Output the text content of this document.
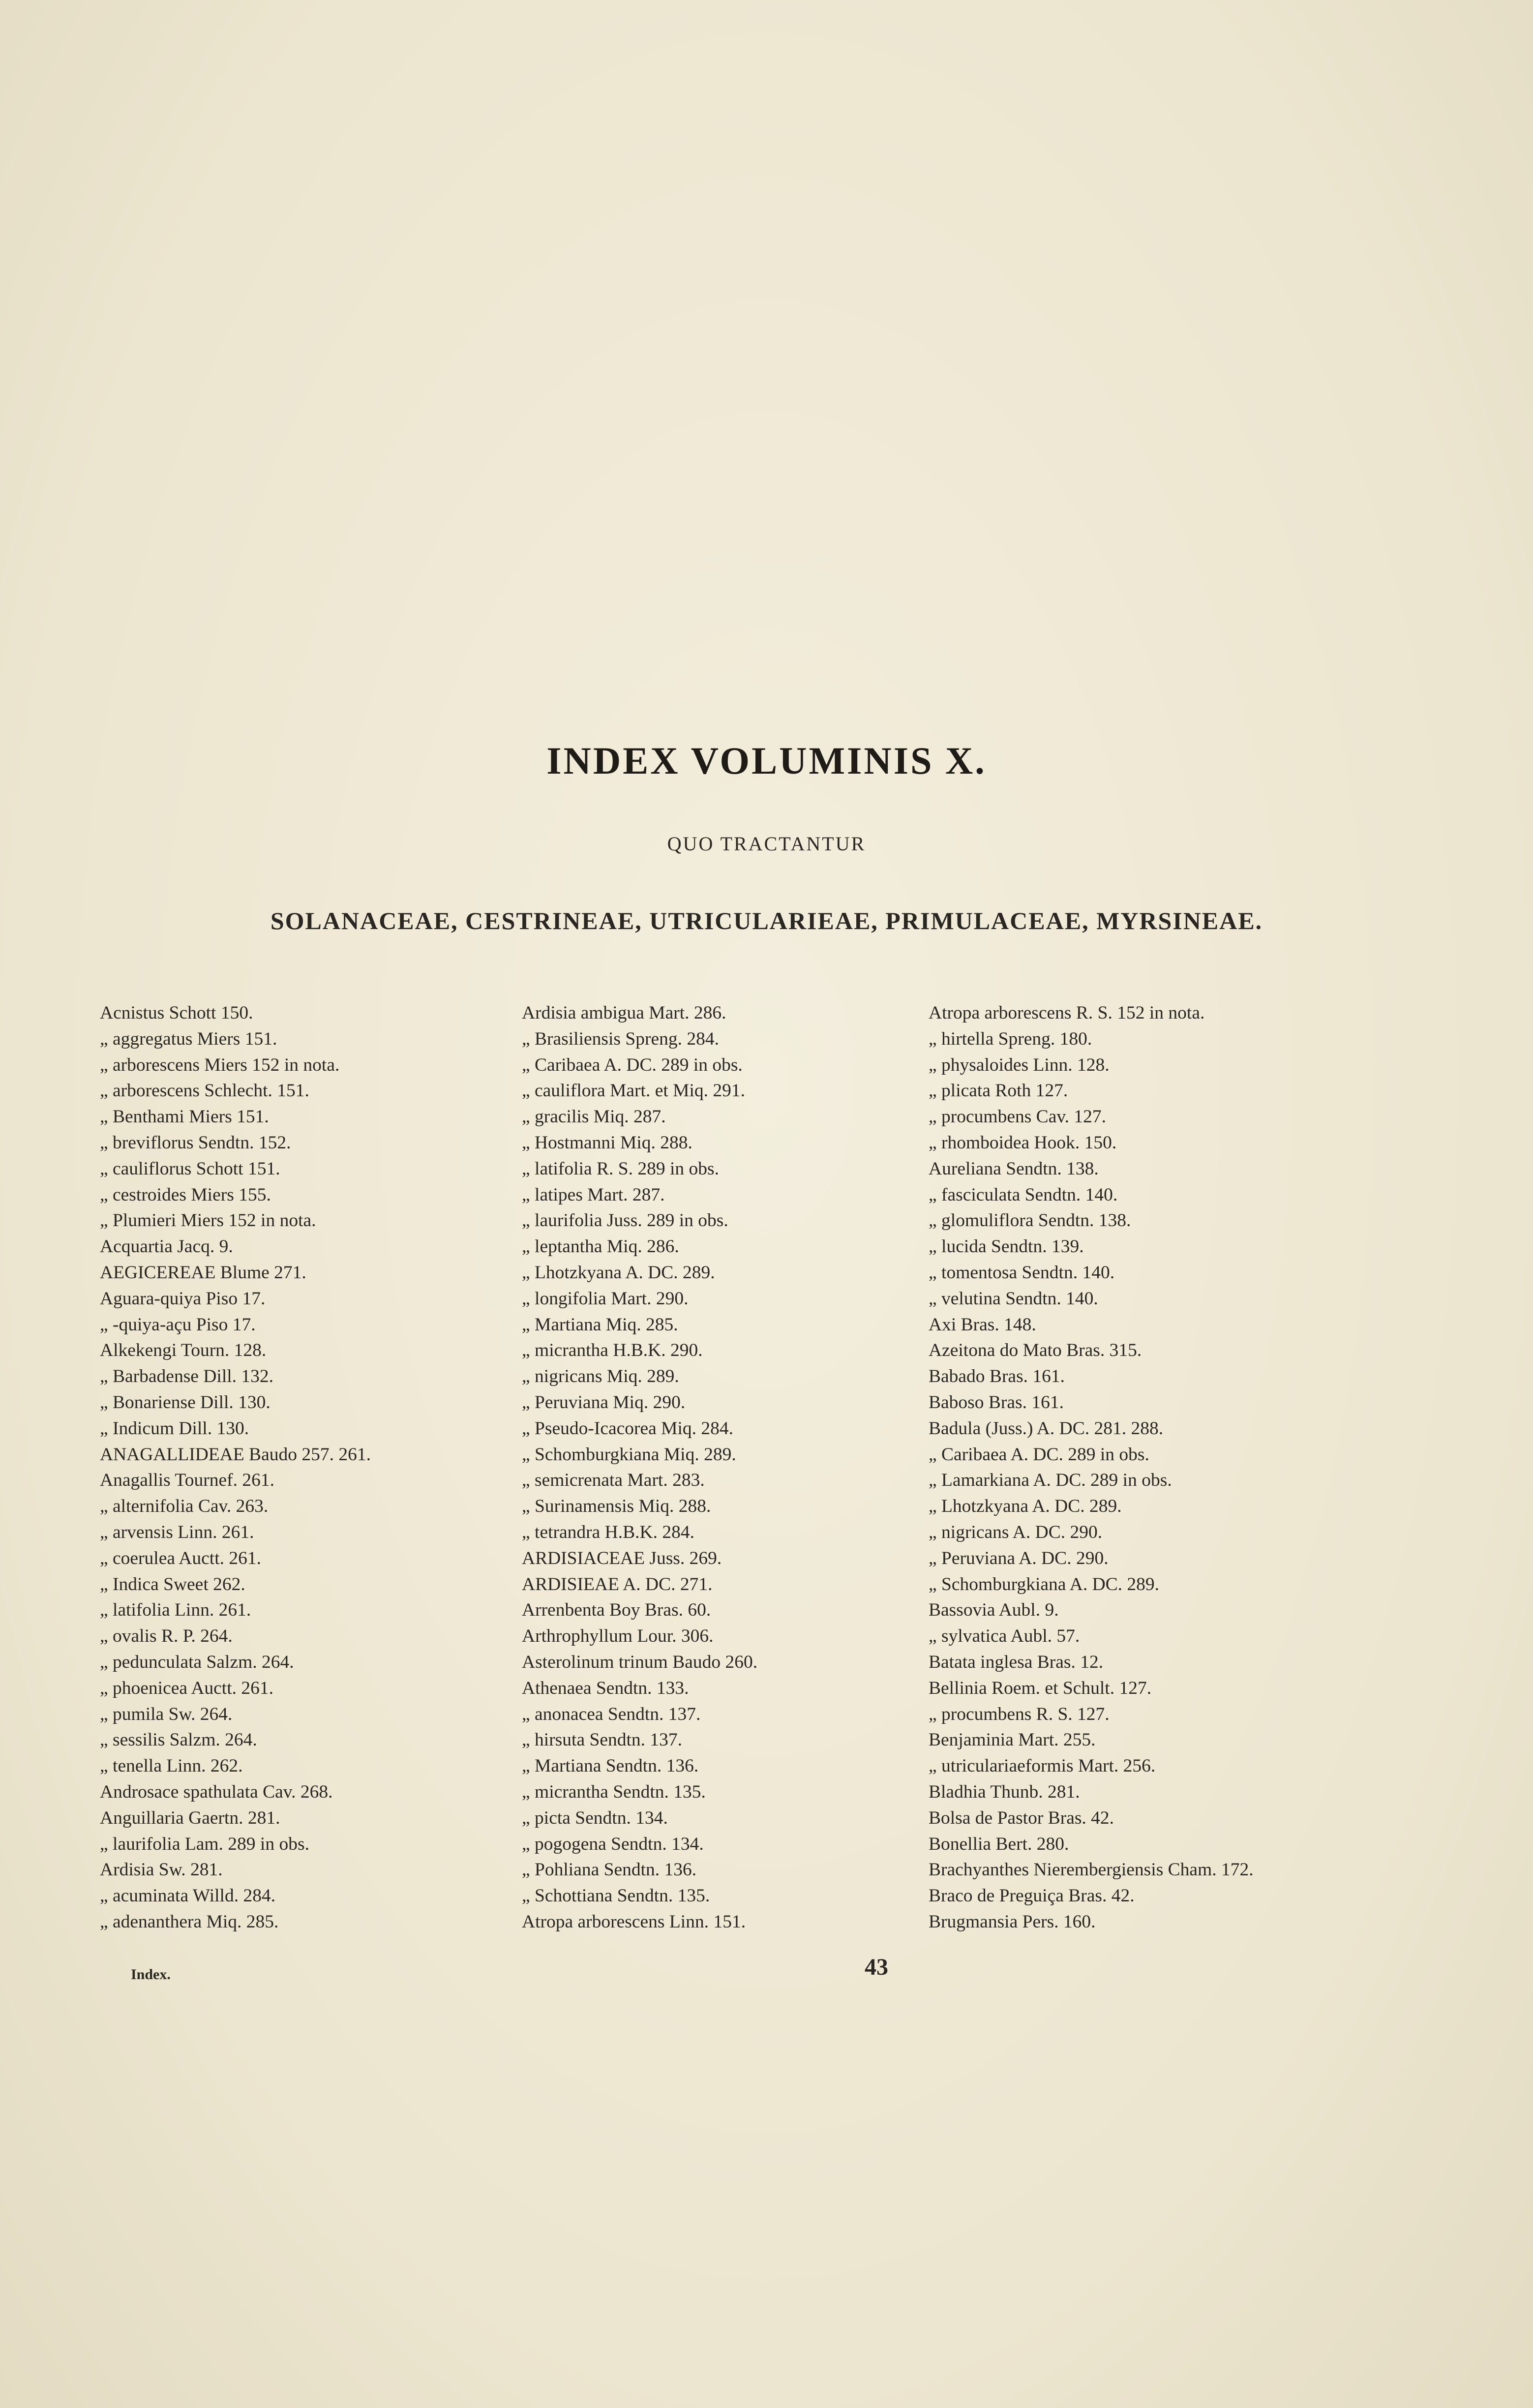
INDEX VOLUMINIS X.
QUO TRACTANTUR
SOLANACEAE, CESTRINEAE, UTRICULARIEAE, PRIMULACEAE, MYRSINEAE.
Acnistus Schott 150.
„ aggregatus Miers 151.
„ arborescens Miers 152 in nota.
„ arborescens Schlecht. 151.
„ Benthami Miers 151.
„ breviflorus Sendtn. 152.
„ cauliflorus Schott 151.
„ cestroides Miers 155.
„ Plumieri Miers 152 in nota.
Acquartia Jacq. 9.
AEGICEREAE Blume 271.
Aguara-quiya Piso 17.
„ -quiya-açu Piso 17.
Alkekengi Tourn. 128.
„ Barbadense Dill. 132.
„ Bonariense Dill. 130.
„ Indicum Dill. 130.
ANAGALLIDEAE Baudo 257. 261.
Anagallis Tournef. 261.
„ alternifolia Cav. 263.
„ arvensis Linn. 261.
„ coerulea Auctt. 261.
„ Indica Sweet 262.
„ latifolia Linn. 261.
„ ovalis R. P. 264.
„ pedunculata Salzm. 264.
„ phoenicea Auctt. 261.
„ pumila Sw. 264.
„ sessilis Salzm. 264.
„ tenella Linn. 262.
Androsace spathulata Cav. 268.
Anguillaria Gaertn. 281.
„ laurifolia Lam. 289 in obs.
Ardisia Sw. 281.
„ acuminata Willd. 284.
„ adenanthera Miq. 285.
Ardisia ambigua Mart. 286.
„ Brasiliensis Spreng. 284.
„ Caribaea A. DC. 289 in obs.
„ cauliflora Mart. et Miq. 291.
„ gracilis Miq. 287.
„ Hostmanni Miq. 288.
„ latifolia R. S. 289 in obs.
„ latipes Mart. 287.
„ laurifolia Juss. 289 in obs.
„ leptantha Miq. 286.
„ Lhotzkyana A. DC. 289.
„ longifolia Mart. 290.
„ Martiana Miq. 285.
„ micrantha H.B.K. 290.
„ nigricans Miq. 289.
„ Peruviana Miq. 290.
„ Pseudo-Icacorea Miq. 284.
„ Schomburgkiana Miq. 289.
„ semicrenata Mart. 283.
„ Surinamensis Miq. 288.
„ tetrandra H.B.K. 284.
ARDISIACEAE Juss. 269.
ARDISIEAE A. DC. 271.
Arrenbenta Boy Bras. 60.
Arthrophyllum Lour. 306.
Asterolinum trinum Baudo 260.
Athenaea Sendtn. 133.
„ anonacea Sendtn. 137.
„ hirsuta Sendtn. 137.
„ Martiana Sendtn. 136.
„ micrantha Sendtn. 135.
„ picta Sendtn. 134.
„ pogogena Sendtn. 134.
„ Pohliana Sendtn. 136.
„ Schottiana Sendtn. 135.
Atropa arborescens Linn. 151.
Atropa arborescens R. S. 152 in nota.
„ hirtella Spreng. 180.
„ physaloides Linn. 128.
„ plicata Roth 127.
„ procumbens Cav. 127.
„ rhomboidea Hook. 150.
Aureliana Sendtn. 138.
„ fasciculata Sendtn. 140.
„ glomuliflora Sendtn. 138.
„ lucida Sendtn. 139.
„ tomentosa Sendtn. 140.
„ velutina Sendtn. 140.
Axi Bras. 148.
Azeitona do Mato Bras. 315.
Babado Bras. 161.
Baboso Bras. 161.
Badula (Juss.) A. DC. 281. 288.
„ Caribaea A. DC. 289 in obs.
„ Lamarkiana A. DC. 289 in obs.
„ Lhotzkyana A. DC. 289.
„ nigricans A. DC. 290.
„ Peruviana A. DC. 290.
„ Schomburgkiana A. DC. 289.
Bassovia Aubl. 9.
„ sylvatica Aubl. 57.
Batata inglesa Bras. 12.
Bellinia Roem. et Schult. 127.
„ procumbens R. S. 127.
Benjaminia Mart. 255.
„ utriculariaeformis Mart. 256.
Bladhia Thunb. 281.
Bolsa de Pastor Bras. 42.
Bonellia Bert. 280.
Brachyanthes Nierembergiensis Cham. 172.
Braco de Preguiça Bras. 42.
Brugmansia Pers. 160.
Index.	43
